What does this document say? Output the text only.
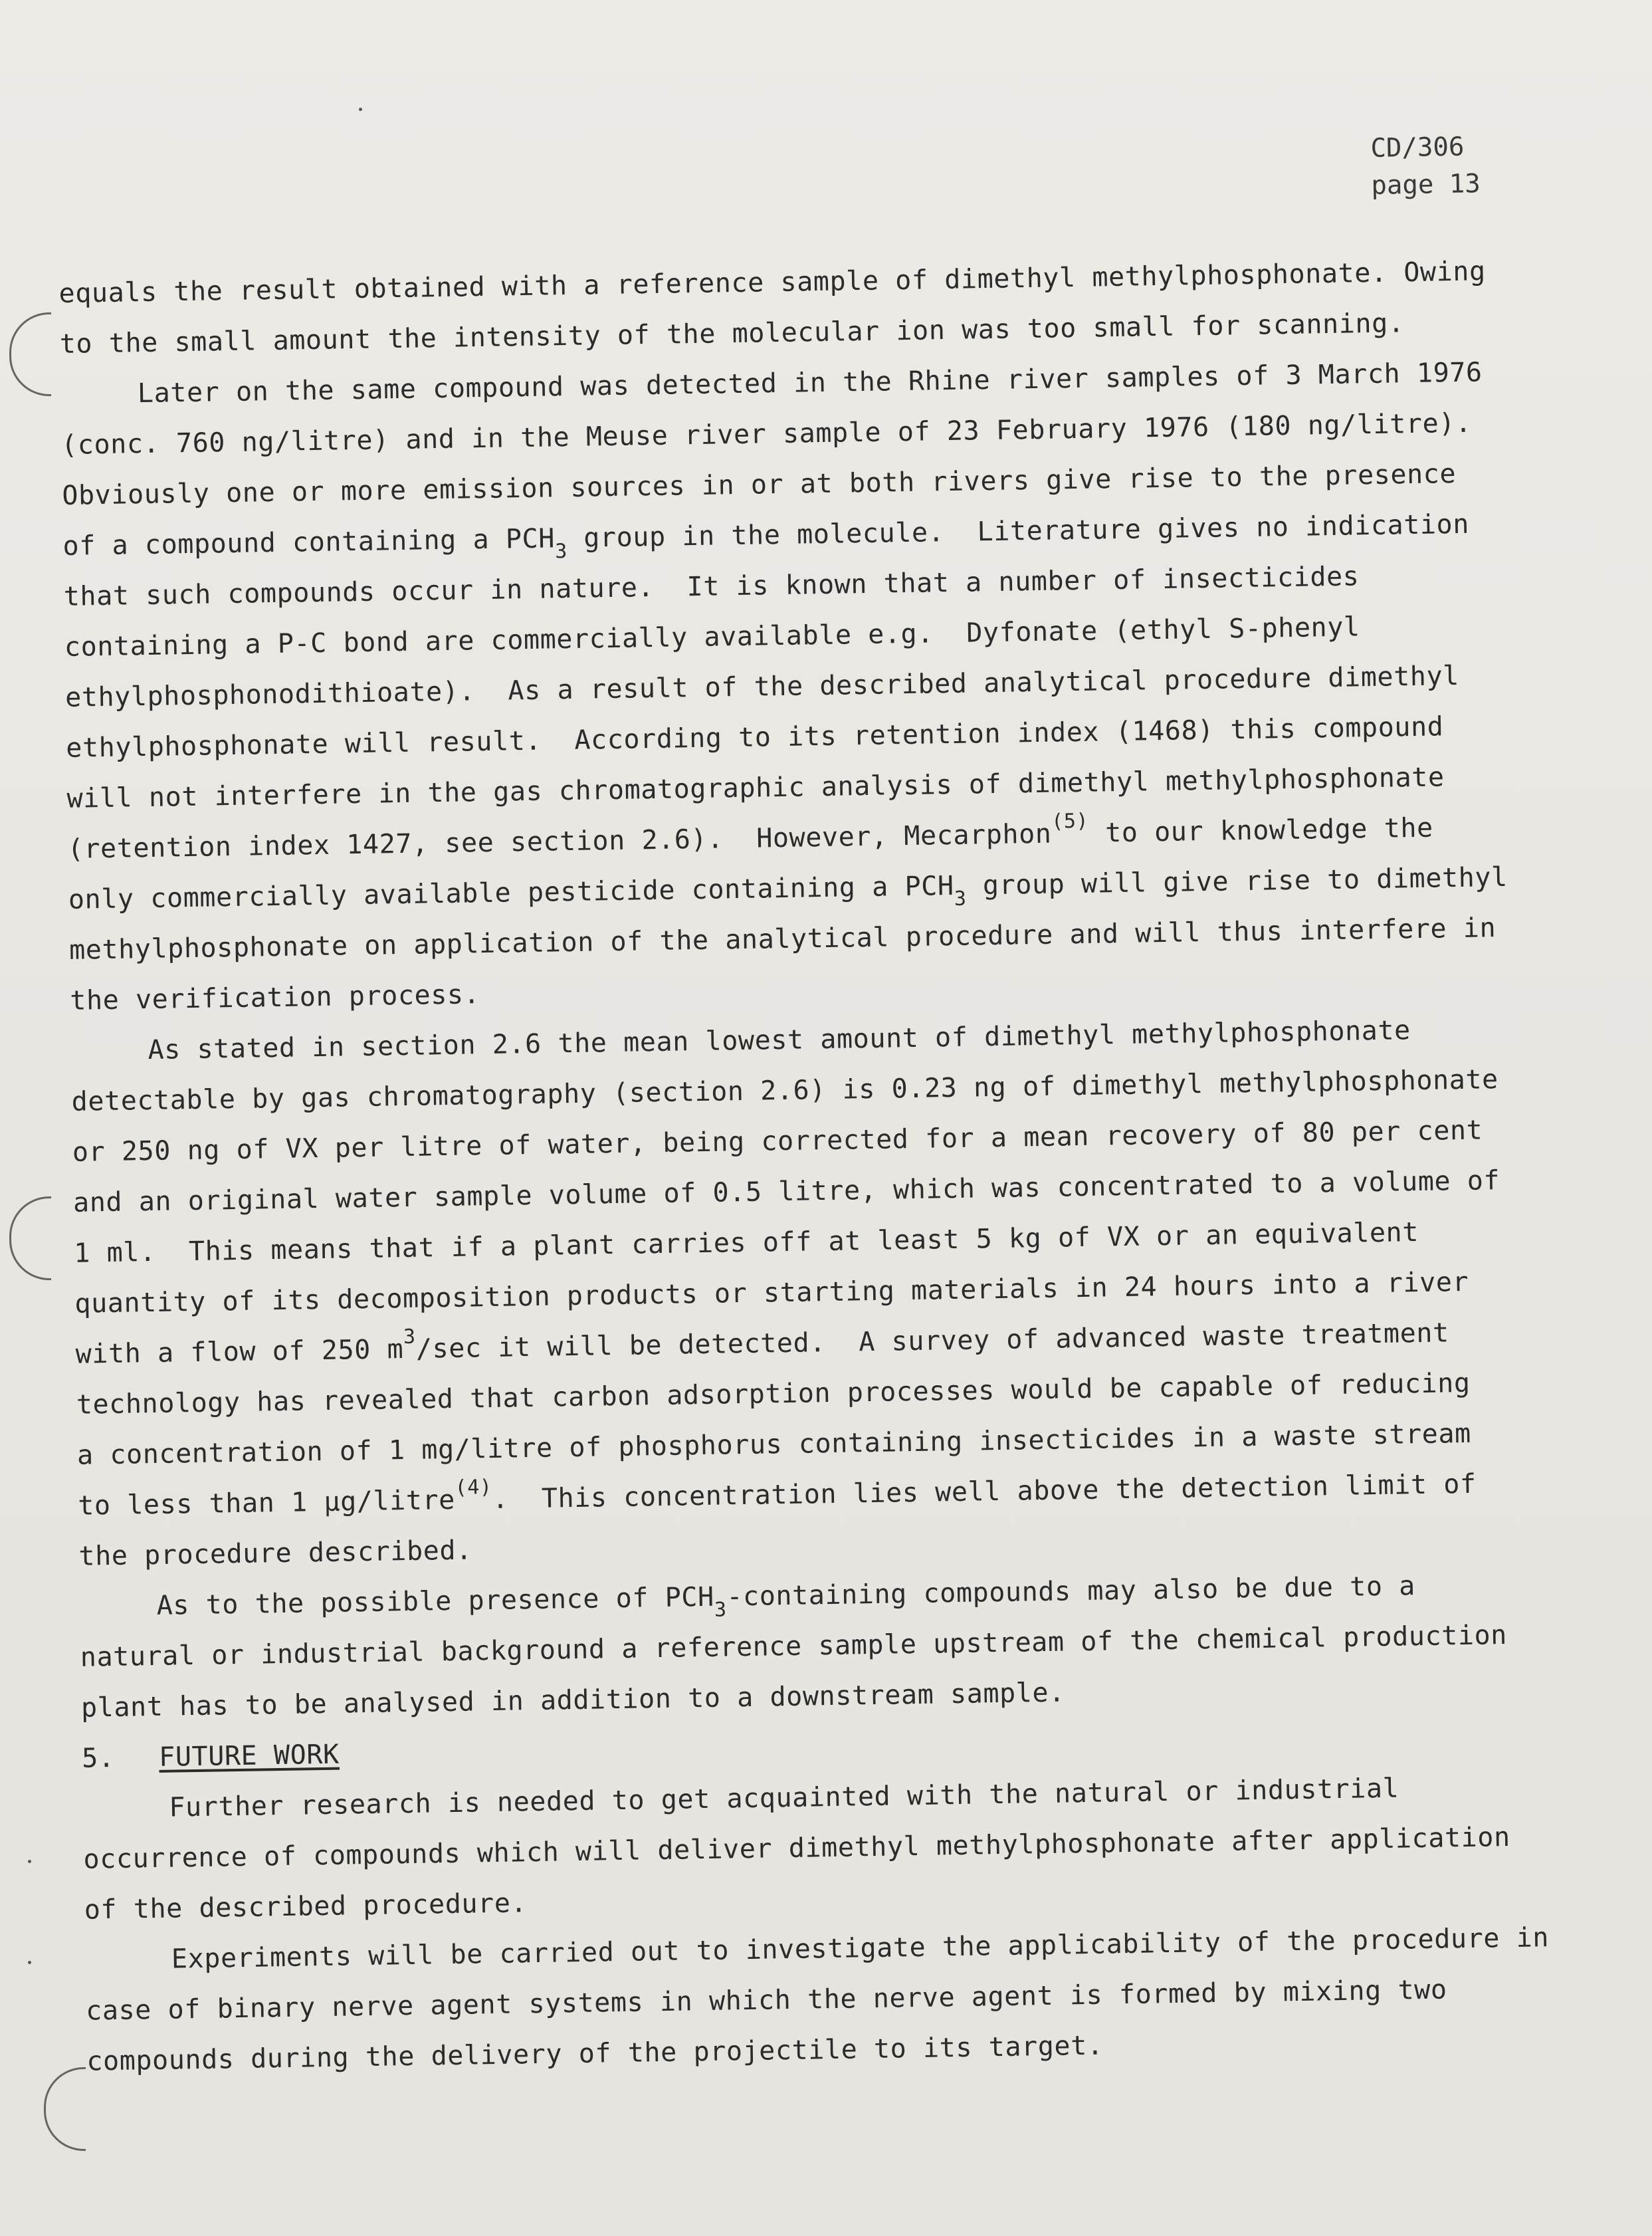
CD/306
page 13
equals the result obtained with a reference sample of dimethyl methylphosphonate. Owing
to the small amount the intensity of the molecular ion was too small for scanning.
Later on the same compound was detected in the Rhine river samples of 3 March 1976
(conc. 760 ng/litre) and in the Meuse river sample of 23 February 1976 (180 ng/litre).
Obviously one or more emission sources in or at both rivers give rise to the presence
of a compound containing a $PCH_3$ group in the molecule.  Literature gives no indication
that such compounds occur in nature.  It is known that a number of insecticides
containing a P-C bond are commercially available e.g.  Dyfonate (ethyl S-phenyl
ethylphosphonodithioate).  As a result of the described analytical procedure dimethyl
ethylphosphonate will result.  According to its retention index (1468) this compound
will not interfere in the gas chromatographic analysis of dimethyl methylphosphonate
(retention index 1427, see section 2.6).  However, Mecarphon$^{(5)}$ to our knowledge the
only commercially available pesticide containing a $PCH_3$ group will give rise to dimethyl
methylphosphonate on application of the analytical procedure and will thus interfere in
the verification process.
As stated in section 2.6 the mean lowest amount of dimethyl methylphosphonate
detectable by gas chromatography (section 2.6) is 0.23 ng of dimethyl methylphosphonate
or 250 ng of VX per litre of water, being corrected for a mean recovery of 80 per cent
and an original water sample volume of 0.5 litre, which was concentrated to a volume of
1 ml.  This means that if a plant carries off at least 5 kg of VX or an equivalent
quantity of its decomposition products or starting materials in 24 hours into a river
with a flow of 250 $m^3/\sec$ it will be detected.  A survey of advanced waste treatment
technology has revealed that carbon adsorption processes would be capable of reducing
a concentration of 1 mg/litre of phosphorus containing insecticides in a waste stream
to less than 1 μg/litre$^{(4)}$.  This concentration lies well above the detection limit of
the procedure described.
As to the possible presence of $PCH_3$-containing compounds may also be due to a
natural or industrial background a reference sample upstream of the chemical production
plant has to be analysed in addition to a downstream sample.
5. FUTURE WORK
Further research is needed to get acquainted with the natural or industrial
occurrence of compounds which will deliver dimethyl methylphosphonate after application
of the described procedure.
Experiments will be carried out to investigate the applicability of the procedure in
case of binary nerve agent systems in which the nerve agent is formed by mixing two
compounds during the delivery of the projectile to its target.
